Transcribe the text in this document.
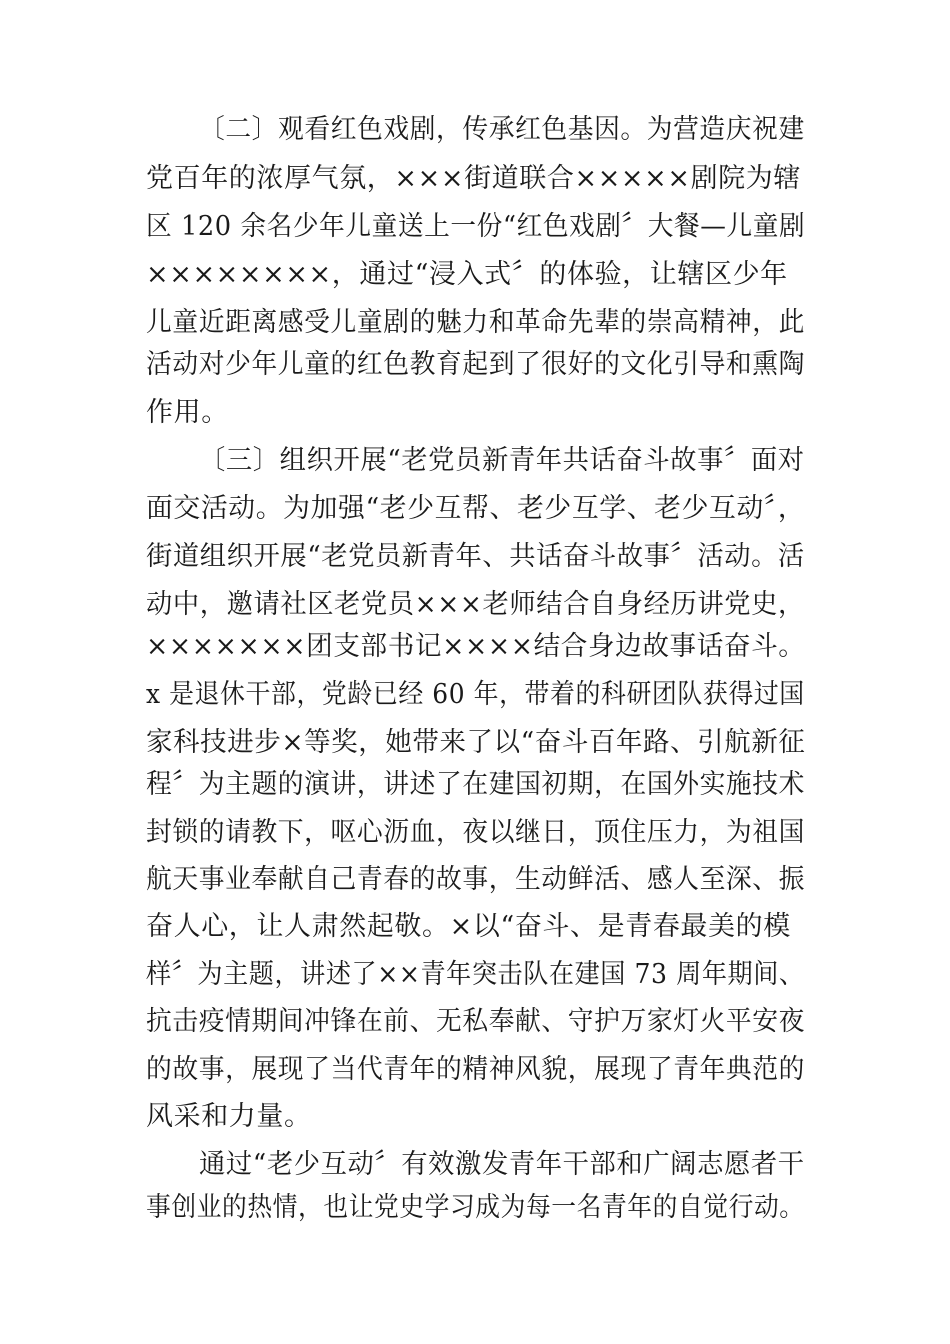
〔二〕观看红色戏剧，传承红色基因。为营造庆祝建

党百年的浓厚气氛，×××街道联合×××××剧院为辖

区 120 余名少年儿童送上一份“红色戏剧〞大餐—儿童剧

××××××××，通过“浸入式〞的体验，让辖区少年

儿童近距离感受儿童剧的魅力和革命先辈的崇高精神，此

活动对少年儿童的红色教育起到了很好的文化引导和熏陶

作用。

〔三〕组织开展“老党员新青年共话奋斗故事〞面对

面交活动。为加强“老少互帮、老少互学、老少互动〞，

街道组织开展“老党员新青年、共话奋斗故事〞活动。活

动中，邀请社区老党员×××老师结合自身经历讲党史，

×××××××团支部书记××××结合身边故事话奋斗。

x 是退休干部，党龄已经 60 年，带着的科研团队获得过国

家科技进步×等奖，她带来了以“奋斗百年路、引航新征

程〞为主题的演讲，讲述了在建国初期，在国外实施技术

封锁的请教下，呕心沥血，夜以继日，顶住压力，为祖国

航天事业奉献自己青春的故事，生动鲜活、感人至深、振

奋人心，让人肃然起敬。×以“奋斗、是青春最美的模

样〞为主题，讲述了××青年突击队在建国 73 周年期间、

抗击疫情期间冲锋在前、无私奉献、守护万家灯火平安夜

的故事，展现了当代青年的精神风貌，展现了青年典范的

风采和力量。

通过“老少互动〞有效激发青年干部和广阔志愿者干

事创业的热情，也让党史学习成为每一名青年的自觉行动。
